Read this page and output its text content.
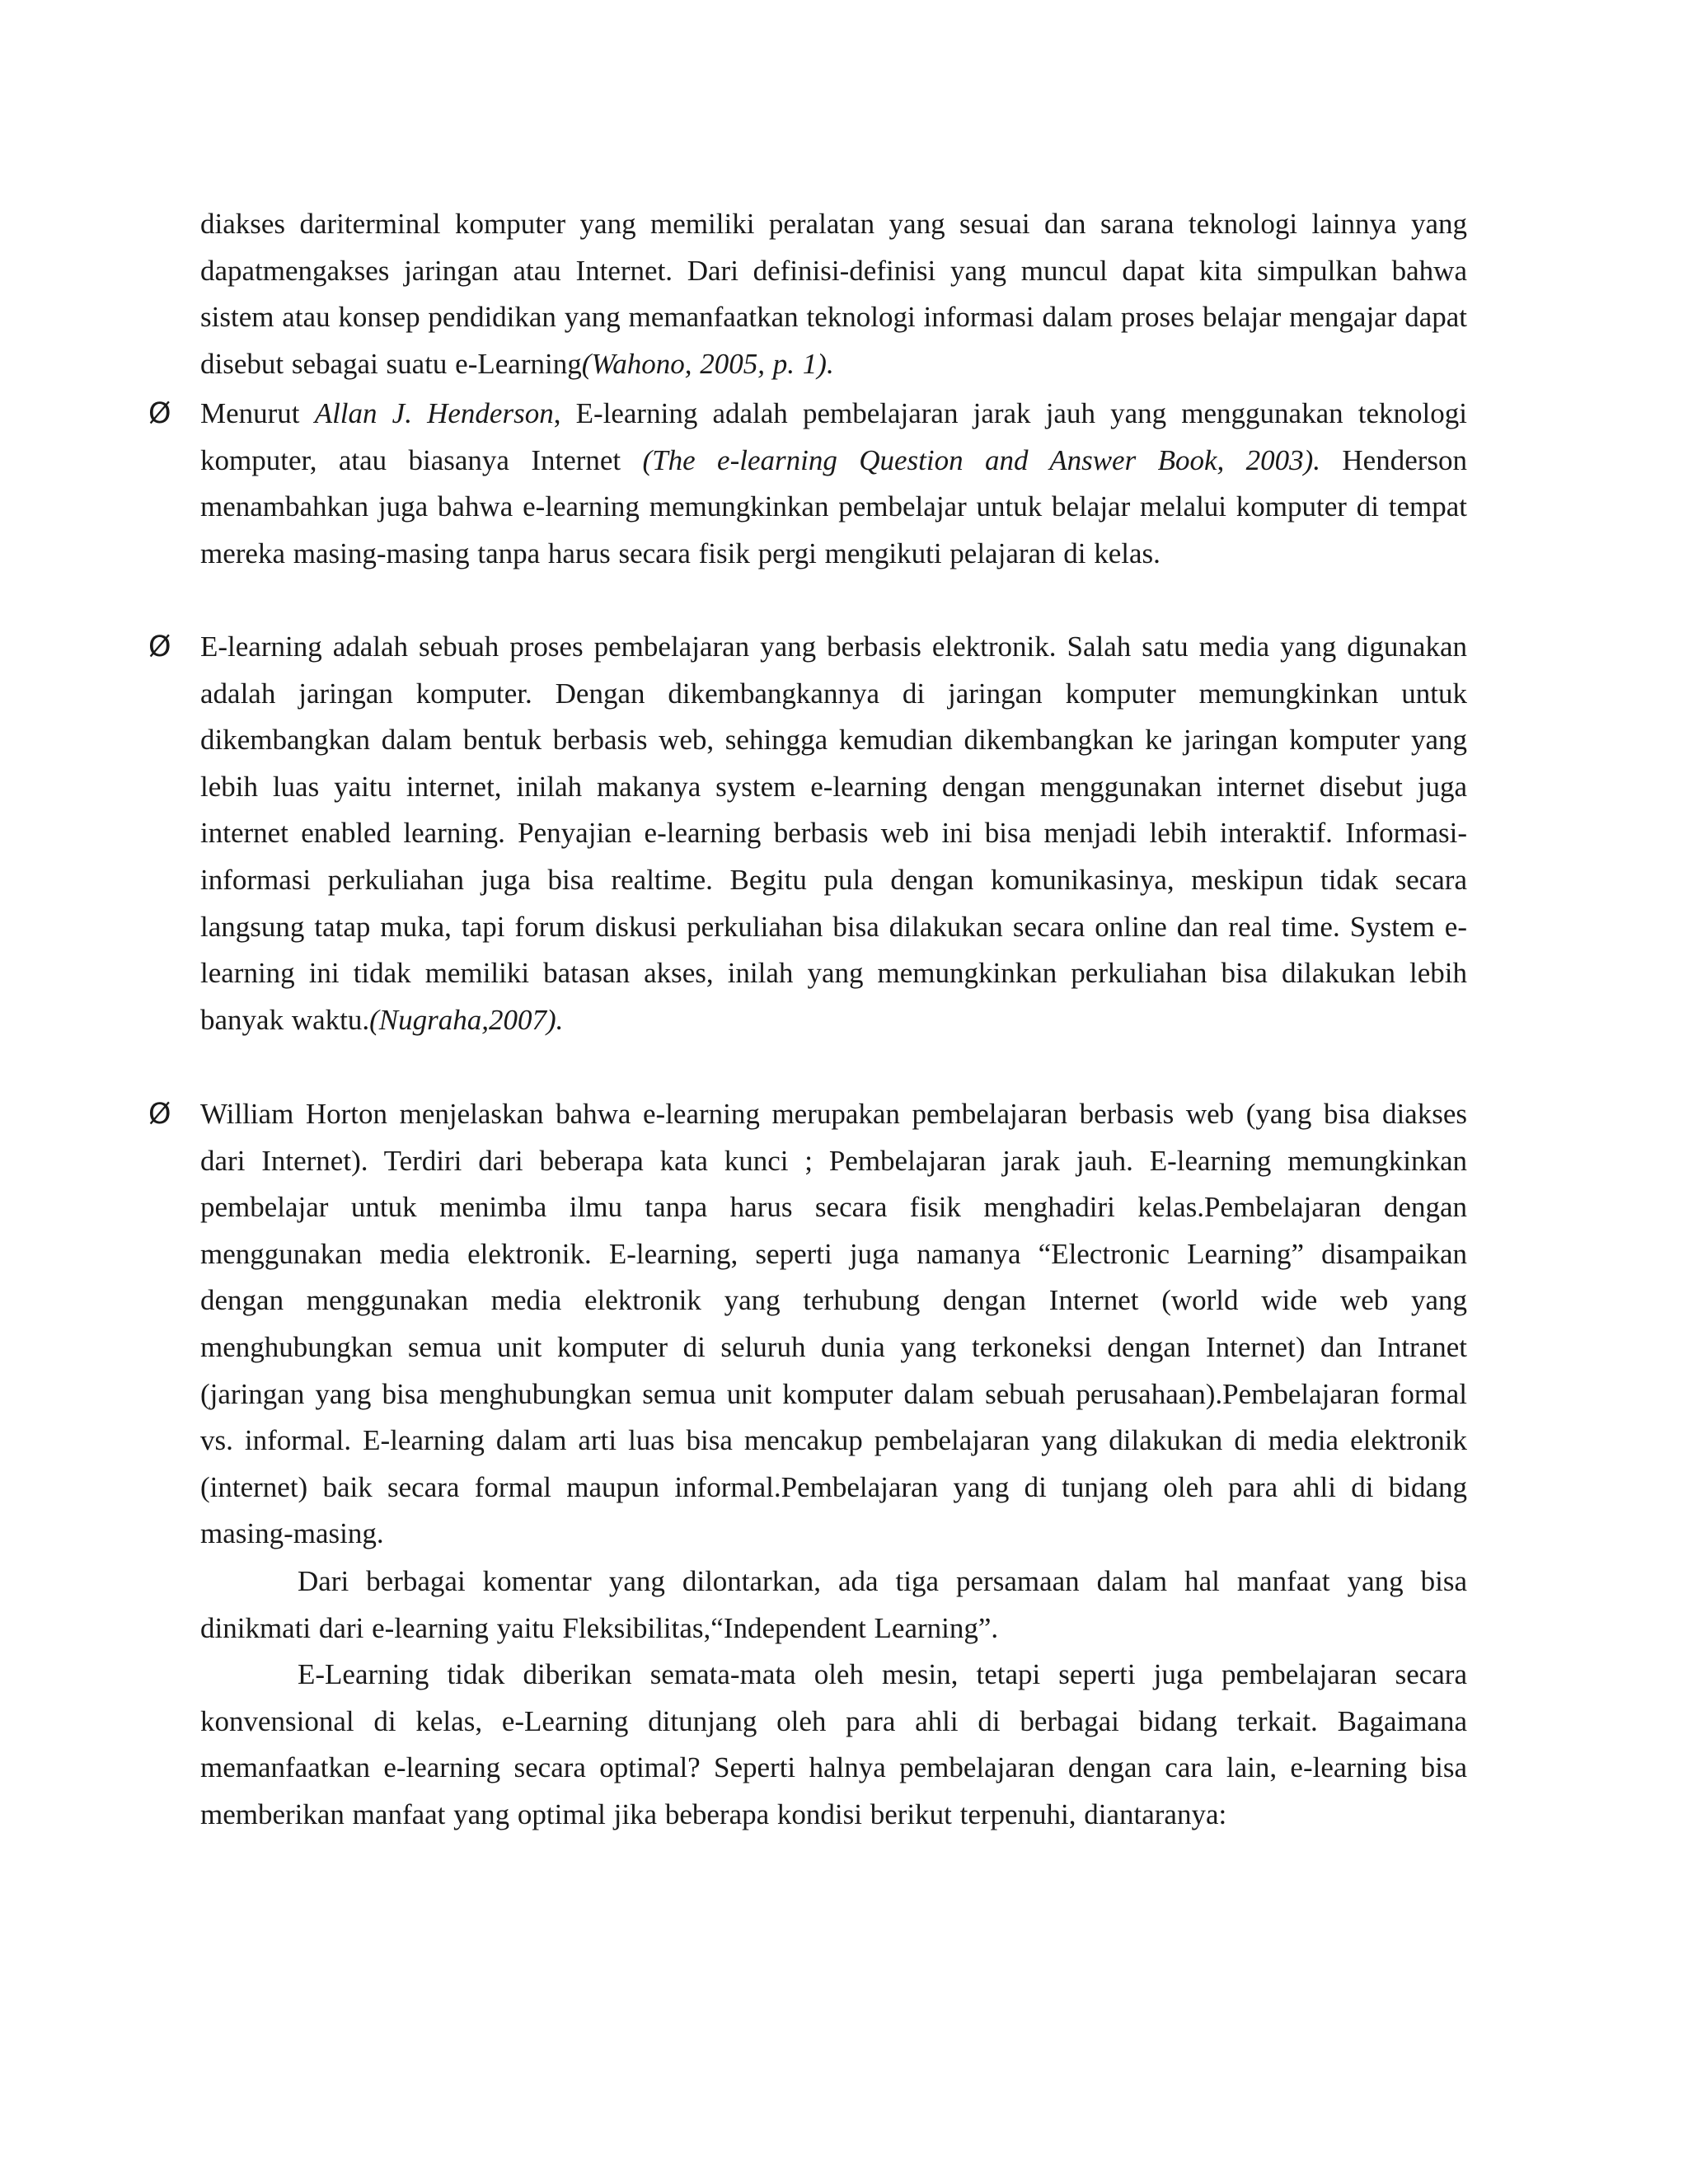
diakses dariterminal komputer yang memiliki peralatan yang sesuai dan sarana teknologi lainnya yang dapatmengakses jaringan atau Internet. Dari definisi-definisi yang muncul dapat kita simpulkan bahwa sistem atau konsep pendidikan yang memanfaatkan teknologi informasi dalam proses belajar mengajar dapat disebut sebagai suatu e-Learning(Wahono, 2005, p. 1).
Ø Menurut Allan J. Henderson, E-learning adalah pembelajaran jarak jauh yang menggunakan teknologi komputer, atau biasanya Internet (The e-learning Question and Answer Book, 2003). Henderson menambahkan juga bahwa e-learning memungkinkan pembelajar untuk belajar melalui komputer di tempat mereka masing-masing tanpa harus secara fisik pergi mengikuti pelajaran di kelas.
Ø E-learning adalah sebuah proses pembelajaran yang berbasis elektronik. Salah satu media yang digunakan adalah jaringan komputer. Dengan dikembangkannya di jaringan komputer memungkinkan untuk dikembangkan dalam bentuk berbasis web, sehingga kemudian dikembangkan ke jaringan komputer yang lebih luas yaitu internet, inilah makanya system e-learning dengan menggunakan internet disebut juga internet enabled learning. Penyajian e-learning berbasis web ini bisa menjadi lebih interaktif. Informasi-informasi perkuliahan juga bisa realtime. Begitu pula dengan komunikasinya, meskipun tidak secara langsung tatap muka, tapi forum diskusi perkuliahan bisa dilakukan secara online dan real time. System e-learning ini tidak memiliki batasan akses, inilah yang memungkinkan perkuliahan bisa dilakukan lebih banyak waktu.(Nugraha,2007).
Ø William Horton menjelaskan bahwa e-learning merupakan pembelajaran berbasis web (yang bisa diakses dari Internet). Terdiri dari beberapa kata kunci ; Pembelajaran jarak jauh. E-learning memungkinkan pembelajar untuk menimba ilmu tanpa harus secara fisik menghadiri kelas.Pembelajaran dengan menggunakan media elektronik. E-learning, seperti juga namanya “Electronic Learning” disampaikan dengan menggunakan media elektronik yang terhubung dengan Internet (world wide web yang menghubungkan semua unit komputer di seluruh dunia yang terkoneksi dengan Internet) dan Intranet (jaringan yang bisa menghubungkan semua unit komputer dalam sebuah perusahaan).Pembelajaran formal vs. informal. E-learning dalam arti luas bisa mencakup pembelajaran yang dilakukan di media elektronik (internet) baik secara formal maupun informal.Pembelajaran yang di tunjang oleh para ahli di bidang masing-masing.
Dari berbagai komentar yang dilontarkan, ada tiga persamaan dalam hal manfaat yang bisa dinikmati dari e-learning yaitu Fleksibilitas,“Independent Learning”.
E-Learning tidak diberikan semata-mata oleh mesin, tetapi seperti juga pembelajaran secara konvensional di kelas, e-Learning ditunjang oleh para ahli di berbagai bidang terkait. Bagaimana memanfaatkan e-learning secara optimal? Seperti halnya pembelajaran dengan cara lain, e-learning bisa memberikan manfaat yang optimal jika beberapa kondisi berikut terpenuhi, diantaranya:
